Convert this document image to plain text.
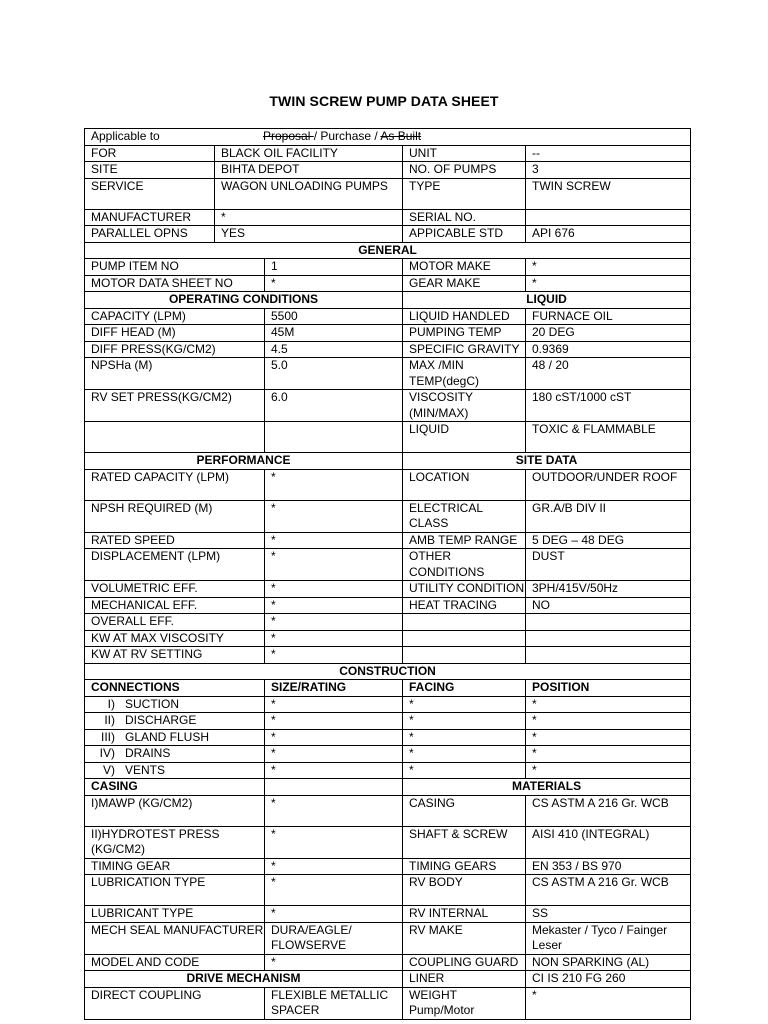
TWIN SCREW PUMP DATA SHEET
Applicable to Proposal / Purchase / As Built				
FOR	BLACK OIL FACILITY		UNIT	--
SITE	BIHTA DEPOT		NO. OF PUMPS	3
SERVICE	WAGON UNLOADING PUMPS		TYPE	TWIN SCREW
MANUFACTURER	*		SERIAL NO.	
PARALLEL OPNS	YES		APPICABLE STD	API 676
GENERAL				
PUMP ITEM NO		1	MOTOR MAKE	*
MOTOR DATA SHEET NO		*	GEAR MAKE	*
OPERATING CONDITIONS			LIQUID	
CAPACITY (LPM)		5500	LIQUID HANDLED	FURNACE OIL
DIFF HEAD (M)		45M	PUMPING TEMP	20 DEG
DIFF PRESS(KG/CM2)		4.5	SPECIFIC GRAVITY	0.9369
NPSHa (M)		5.0	MAX /MIN TEMP(degC)	48 / 20
RV SET PRESS(KG/CM2)		6.0	VISCOSITY (MIN/MAX)	180 cST/1000 cST
			LIQUID	TOXIC & FLAMMABLE
PERFORMANCE			SITE DATA	
RATED CAPACITY (LPM)		*	LOCATION	OUTDOOR/UNDER ROOF
NPSH REQUIRED (M)		*	ELECTRICAL CLASS	GR.A/B DIV II
RATED SPEED		*	AMB TEMP RANGE	5 DEG – 48 DEG
DISPLACEMENT (LPM)		*	OTHER CONDITIONS	DUST
VOLUMETRIC EFF.		*	UTILITY CONDITION	3PH/415V/50Hz
MECHANICAL EFF.		*	HEAT TRACING	NO
OVERALL EFF.		*		
KW AT MAX VISCOSITY		*		
KW AT RV SETTING		*		
CONSTRUCTION				
CONNECTIONS		SIZE/RATING	FACING	POSITION
I) SUCTION		*	*	*
II) DISCHARGE		*	*	*
III) GLAND FLUSH		*	*	*
IV) DRAINS		*	*	*
V) VENTS		*	*	*
CASING			MATERIALS	
I)MAWP (KG/CM2)		*	CASING	CS ASTM A 216 Gr. WCB
II)HYDROTEST PRESS (KG/CM2)		*	SHAFT & SCREW	AISI 410 (INTEGRAL)
TIMING GEAR		*	TIMING GEARS	EN 353 / BS 970
LUBRICATION TYPE		*	RV BODY	CS ASTM A 216 Gr. WCB
LUBRICANT TYPE		*	RV INTERNAL	SS
MECH SEAL MANUFACTURER		DURA/EAGLE/ FLOWSERVE	RV MAKE	Mekaster / Tyco / Fainger Leser
MODEL AND CODE		*	COUPLING GUARD	NON SPARKING (AL)
DRIVE MECHANISM			LINER	CI IS 210 FG 260
DIRECT COUPLING		FLEXIBLE METALLIC SPACER	WEIGHT Pump/Motor	*
